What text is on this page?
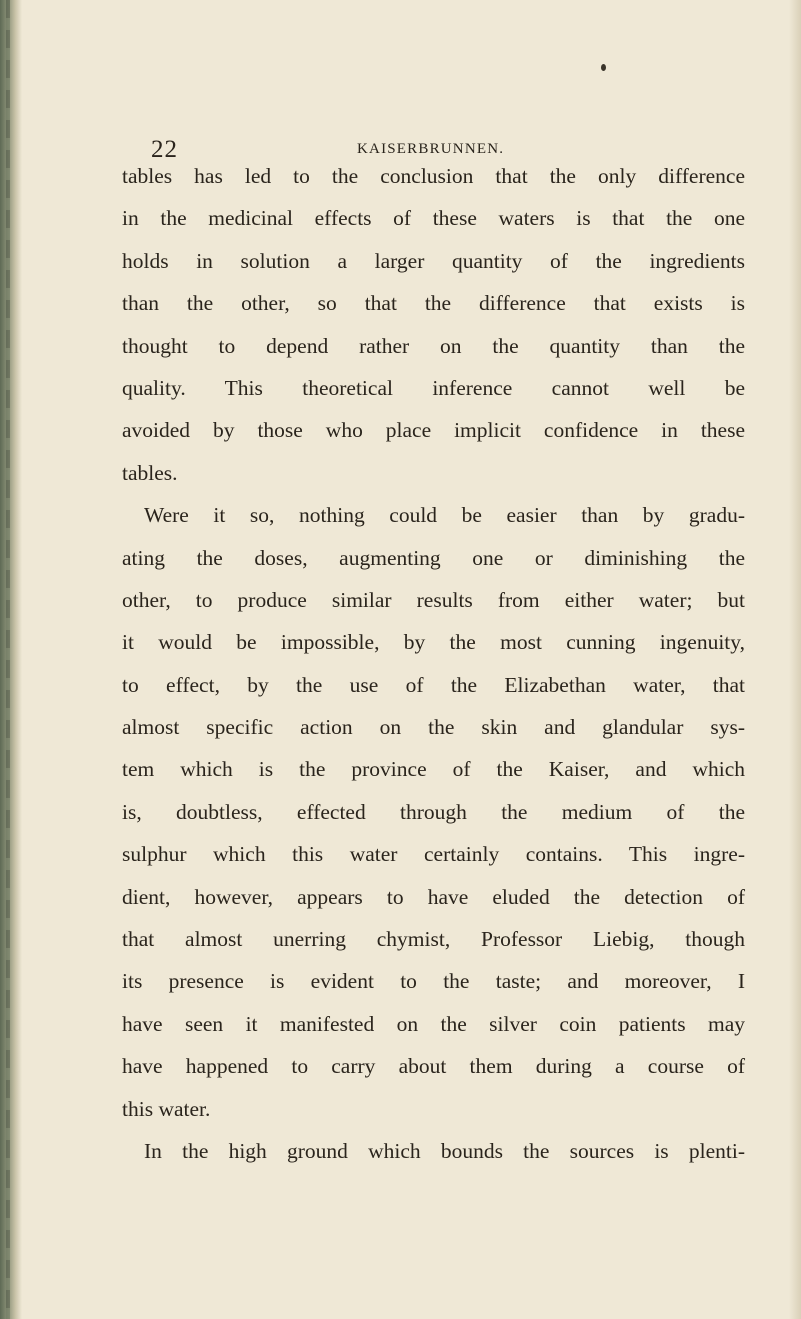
22	KAISERBRUNNEN.
tables has led to the conclusion that the only difference
in the medicinal effects of these waters is that the one
holds in solution a larger quantity of the ingredients
than the other, so that the difference that exists is
thought to depend rather on the quantity than the
quality. This theoretical inference cannot well be
avoided by those who place implicit confidence in these
tables.
Were it so, nothing could be easier than by gradu-
ating the doses, augmenting one or diminishing the
other, to produce similar results from either water; but
it would be impossible, by the most cunning ingenuity,
to effect, by the use of the Elizabethan water, that
almost specific action on the skin and glandular sys-
tem which is the province of the Kaiser, and which
is, doubtless, effected through the medium of the
sulphur which this water certainly contains. This ingre-
dient, however, appears to have eluded the detection of
that almost unerring chymist, Professor Liebig, though
its presence is evident to the taste; and moreover, I
have seen it manifested on the silver coin patients may
have happened to carry about them during a course of
this water.
In the high ground which bounds the sources is plenti-
